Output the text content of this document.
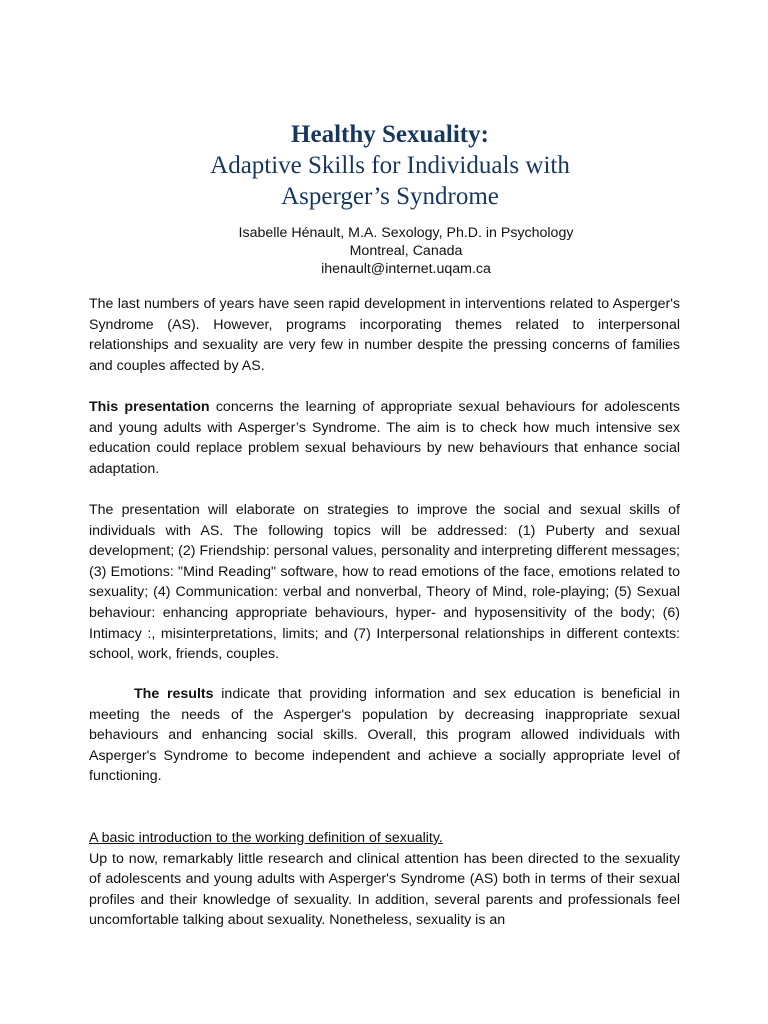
Healthy Sexuality:
Adaptive Skills for Individuals with
Asperger’s Syndrome
Isabelle Hénault, M.A. Sexology, Ph.D. in Psychology
Montreal, Canada
ihenault@internet.uqam.ca

The last numbers of years have seen rapid development in interventions related to Asperger's Syndrome (AS). However, programs incorporating themes related to interpersonal relationships and sexuality are very few in number despite the pressing concerns of families and couples affected by AS.

This presentation concerns the learning of appropriate sexual behaviours for adolescents and young adults with Asperger’s Syndrome. The aim is to check how much intensive sex education could replace problem sexual behaviours by new behaviours that enhance social adaptation.

The presentation will elaborate on strategies to improve the social and sexual skills of individuals with AS. The following topics will be addressed: (1) Puberty and sexual development; (2) Friendship: personal values, personality and interpreting different messages; (3) Emotions: "Mind Reading" software, how to read emotions of the face, emotions related to sexuality; (4) Communication: verbal and nonverbal, Theory of Mind, role-playing; (5) Sexual behaviour: enhancing appropriate behaviours, hyper- and hyposensitivity of the body; (6) Intimacy :, misinterpretations, limits; and (7) Interpersonal relationships in different contexts: school, work, friends, couples.

The results indicate that providing information and sex education is beneficial in meeting the needs of the Asperger's population by decreasing inappropriate sexual behaviours and enhancing social skills. Overall, this program allowed individuals with Asperger's Syndrome to become independent and achieve a socially appropriate level of functioning.

A basic introduction to the working definition of sexuality.

Up to now, remarkably little research and clinical attention has been directed to the sexuality of adolescents and young adults with Asperger's Syndrome (AS) both in terms of their sexual profiles and their knowledge of sexuality. In addition, several parents and professionals feel uncomfortable talking about sexuality. Nonetheless, sexuality is an
